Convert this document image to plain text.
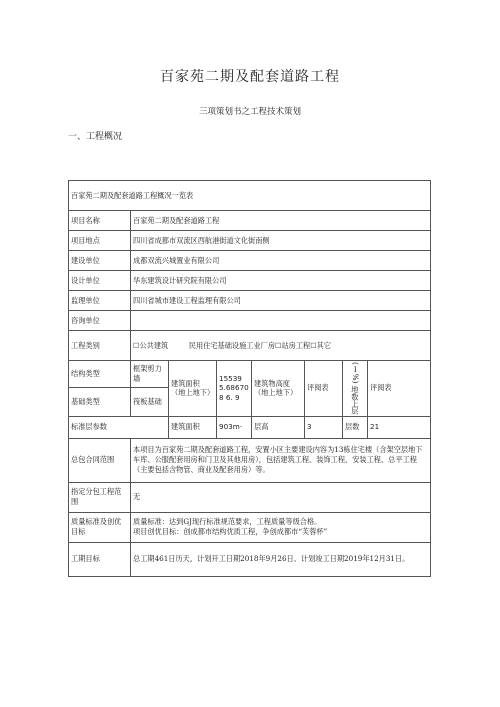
百家苑二期及配套道路工程
三项策划书之工程技术策划
一、工程概况
百家苑二期及配套道路工程概况一览表							
项目名称	百家苑二期及配套道路工程						
项目地点	四川省成都市双流区西航港街道文化街南侧						
建设单位	成都双流兴城置业有限公司						
设计单位	华东建筑设计研究院有限公司						
监理单位	四川省城市建设工程监理有限公司						
咨询单位							
工程类别	☐公共建筑 民用住宅基础设施工业厂房☐站房工程☐其它						
结构类型	框架剪力墙	建筑面积（地上地下）	15539 5.686708 6. 9	建筑物高度（地上地下）	评阅表	(Ⅰ%) 地数上层	评阅表
基础类型	筏板基础						
标准层参数		建筑面积	903m·	层高	3	层数	21
总包合同范围	本项目为百家苑二期及配套道路工程，安置小区主要建设内容为13栋住宅楼（含架空层地下车库、公服配套用房和门卫及其他用房），包括建筑工程、装饰工程、安装工程、总平工程（主要包括含物管、商业及配套用房）等。						
指定分包工程范围	无						
质量标准及创优目标	质量标准：达到GJ现行标准规范要求，工程质量等级合格。
项目创优目标：创成都市结构优质工程，争创成都市“芙蓉杯”						

工期目标	总工期461日历天，计划开工日期2018年9月26日、计划竣工日期2019年12月31日。						
